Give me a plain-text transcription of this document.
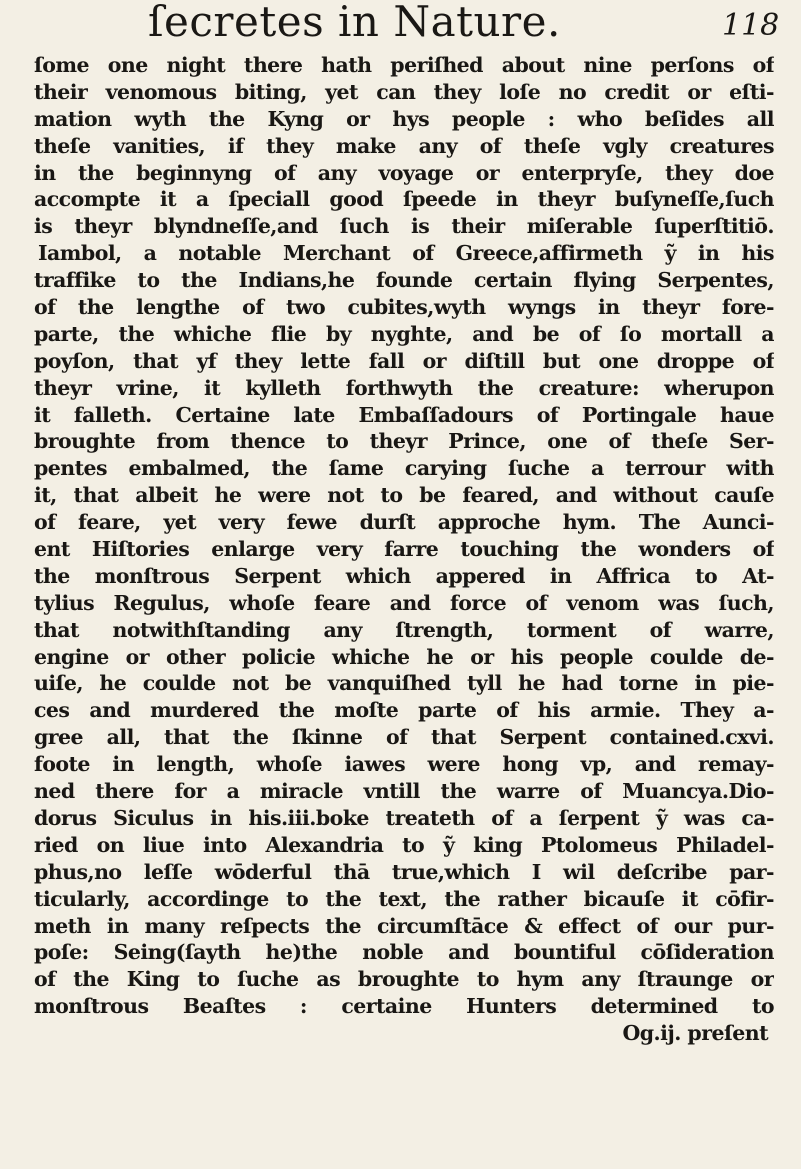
ſecretes in Nature.	118
ſome one night there hath periſhed about nine perſons of
their venomous biting, yet can they loſe no credit or eſti-
mation wyth the Kyng or hys people : who beſides all
theſe vanities, if they make any of theſe vgly creatures
in the beginnyng of any voyage or enterpryſe, they doe
accompte it a ſpeciall good ſpeede in theyr buſyneſſe,ſuch
is theyr blyndneſſe,and ſuch is their miſerable ſuperſtitiō.
Iambol, a notable Merchant of Greece,affirmeth ỹ in his
traffike to the Indians,he founde certain flying Serpentes,
of the lengthe of two cubites,wyth wyngs in theyr fore-
parte, the whiche flie by nyghte, and be of ſo mortall a
poyſon, that yf they lette fall or diſtill but one droppe of
theyr vrine, it kylleth forthwyth the creature: wherupon
it falleth. Certaine late Embaſſadours of Portingale haue
broughte from thence to theyr Prince, one of theſe Ser-
pentes embalmed, the ſame carying ſuche a terrour with
it, that albeit he were not to be feared, and without cauſe
of feare, yet very fewe durſt approche hym. The Aunci-
ent Hiſtories enlarge very farre touching the wonders of
the monſtrous Serpent which appered in Affrica to At-
tylius Regulus, whoſe feare and force of venom was ſuch,
that notwithſtanding any ſtrength, torment of warre,
engine or other policie whiche he or his people coulde de-
uiſe, he coulde not be vanquiſhed tyll he had torne in pie-
ces and murdered the moſte parte of his armie. They a-
gree all, that the ſkinne of that Serpent contained.cxvi.
foote in length, whoſe iawes were hong vp, and remay-
ned there for a miracle vntill the warre of Muancya.Dio-
dorus Siculus in his.iii.boke treateth of a ſerpent ỹ was ca-
ried on liue into Alexandria to ỹ king Ptolomeus Philadel-
phus,no leſſe wōderful thā true,which I wil deſcribe par-
ticularly, accordinge to the text, the rather bicauſe it cōfir-
meth in many reſpects the circumſtāce & effect of our pur-
poſe: Seing(ſayth he)the noble and bountiful cōſideration
of the King to ſuche as broughte to hym any ſtraunge or
monſtrous Beaſtes : certaine Hunters determined to
Og.ij. preſent
